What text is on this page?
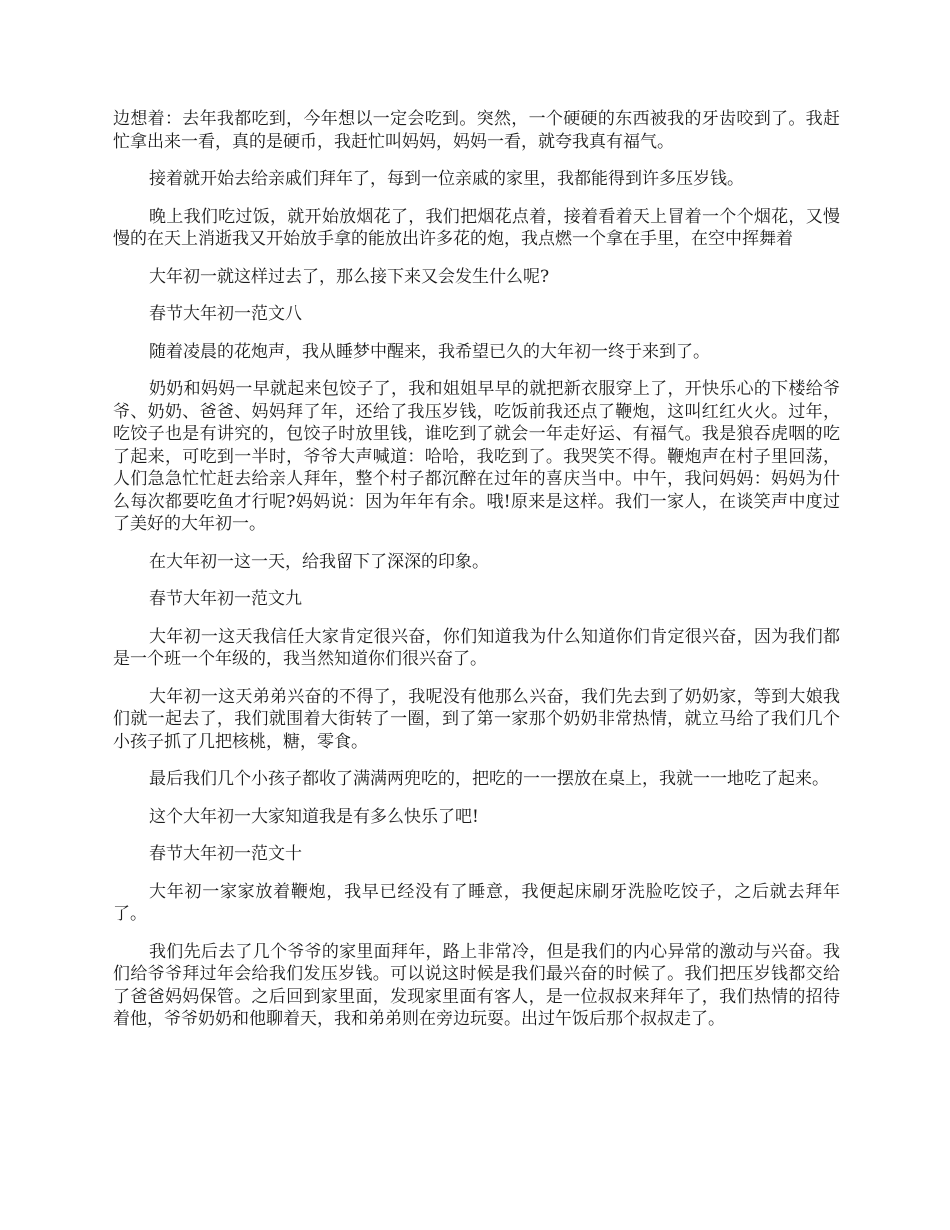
边想着：去年我都吃到，今年想以一定会吃到。突然，一个硬硬的东西被我的牙齿咬到了。我赶忙拿出来一看，真的是硬币，我赶忙叫妈妈，妈妈一看，就夸我真有福气。

接着就开始去给亲戚们拜年了，每到一位亲戚的家里，我都能得到许多压岁钱。

晚上我们吃过饭，就开始放烟花了，我们把烟花点着，接着看着天上冒着一个个烟花，又慢慢的在天上消逝我又开始放手拿的能放出许多花的炮，我点燃一个拿在手里，在空中挥舞着

大年初一就这样过去了，那么接下来又会发生什么呢?

春节大年初一范文八

随着凌晨的花炮声，我从睡梦中醒来，我希望已久的大年初一终于来到了。

奶奶和妈妈一早就起来包饺子了，我和姐姐早早的就把新衣服穿上了，开快乐心的下楼给爷爷、奶奶、爸爸、妈妈拜了年，还给了我压岁钱，吃饭前我还点了鞭炮，这叫红红火火。过年，吃饺子也是有讲究的，包饺子时放里钱，谁吃到了就会一年走好运、有福气。我是狼吞虎咽的吃了起来，可吃到一半时，爷爷大声喊道：哈哈，我吃到了。我哭笑不得。鞭炮声在村子里回荡，人们急急忙忙赶去给亲人拜年，整个村子都沉醉在过年的喜庆当中。中午，我问妈妈：妈妈为什么每次都要吃鱼才行呢?妈妈说：因为年年有余。哦!原来是这样。我们一家人，在谈笑声中度过了美好的大年初一。

在大年初一这一天，给我留下了深深的印象。

春节大年初一范文九

大年初一这天我信任大家肯定很兴奋，你们知道我为什么知道你们肯定很兴奋，因为我们都是一个班一个年级的，我当然知道你们很兴奋了。

大年初一这天弟弟兴奋的不得了，我呢没有他那么兴奋，我们先去到了奶奶家，等到大娘我们就一起去了，我们就围着大街转了一圈，到了第一家那个奶奶非常热情，就立马给了我们几个小孩子抓了几把核桃，糖，零食。

最后我们几个小孩子都收了满满两兜吃的，把吃的一一摆放在桌上，我就一一地吃了起来。

这个大年初一大家知道我是有多么快乐了吧!

春节大年初一范文十

大年初一家家放着鞭炮，我早已经没有了睡意，我便起床刷牙洗脸吃饺子，之后就去拜年了。

我们先后去了几个爷爷的家里面拜年，路上非常冷，但是我们的内心异常的激动与兴奋。我们给爷爷拜过年会给我们发压岁钱。可以说这时候是我们最兴奋的时候了。我们把压岁钱都交给了爸爸妈妈保管。之后回到家里面，发现家里面有客人，是一位叔叔来拜年了，我们热情的招待着他，爷爷奶奶和他聊着天，我和弟弟则在旁边玩耍。出过午饭后那个叔叔走了。
